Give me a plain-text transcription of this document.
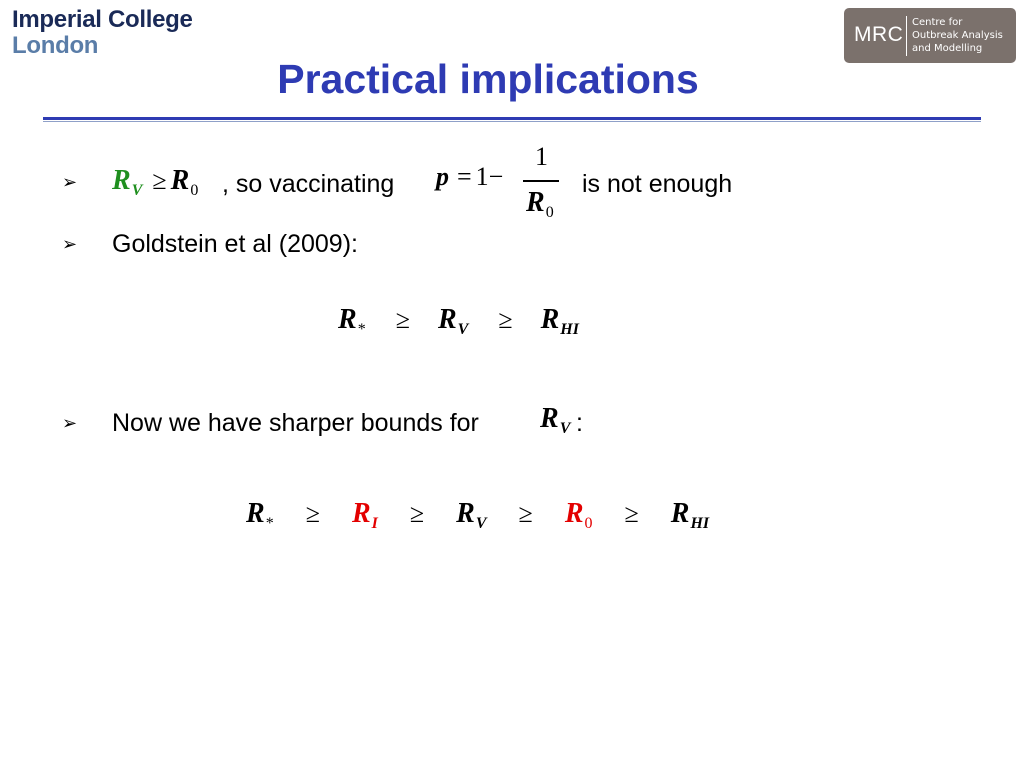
Imperial College
London	MRC
Centre for
Outbreak Analysis
and Modelling
Practical implications
➢ RV ≥ R0 , so vaccinating p = 1−
1
R0
is not enough
➢ Goldstein et al (2009):
R* ≥ RV ≥ RHI
➢ Now we have sharper bounds for RV :
R* ≥ RI ≥ RV ≥ R0 ≥ RHI
